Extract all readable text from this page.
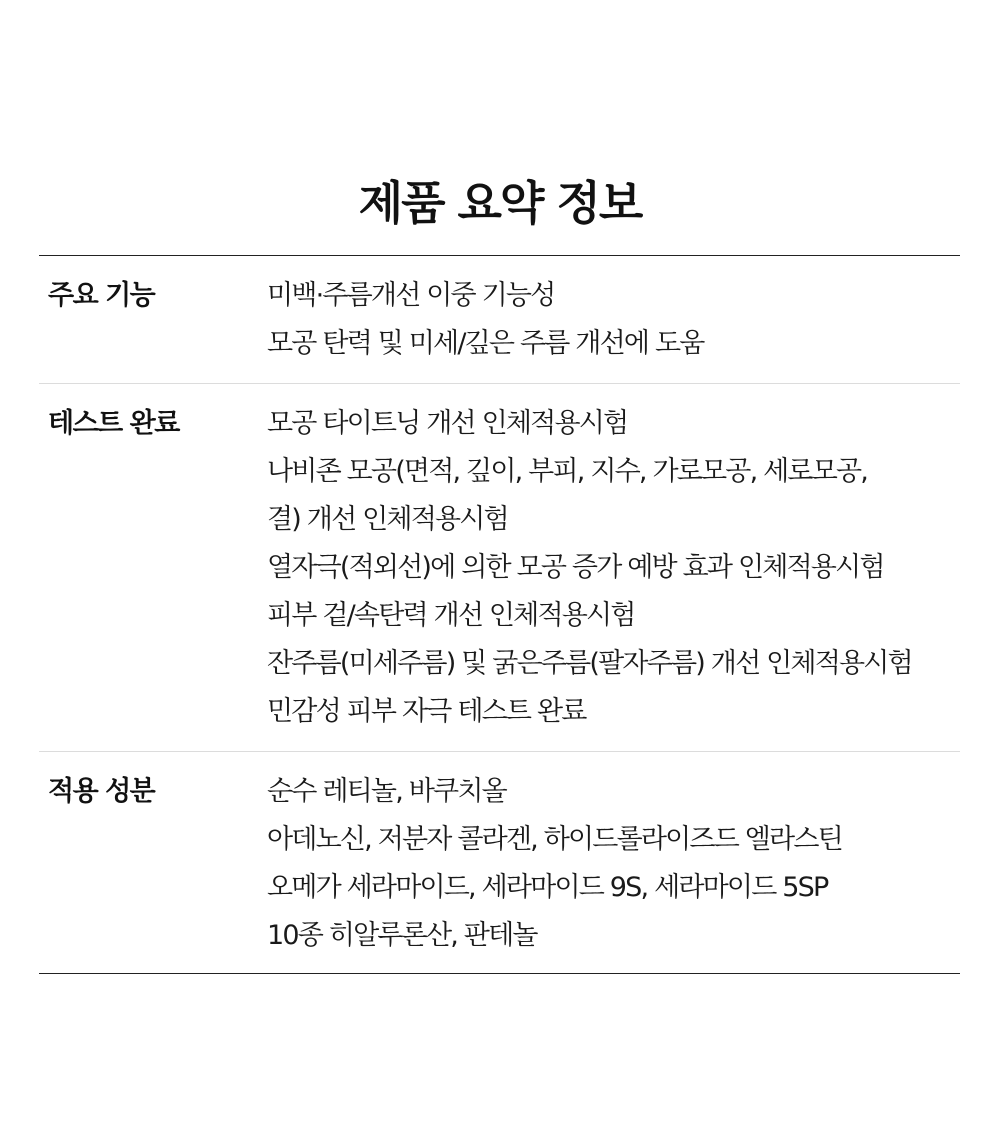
제품 요약 정보
주요 기능	미백·주름개선 이중 기능성
모공 탄력 및 미세/깊은 주름 개선에 도움
테스트 완료	모공 타이트닝 개선 인체적용시험
나비존 모공(면적, 깊이, 부피, 지수, 가로모공, 세로모공,
결) 개선 인체적용시험
열자극(적외선)에 의한 모공 증가 예방 효과 인체적용시험
피부 겉/속탄력 개선 인체적용시험
잔주름(미세주름) 및 굵은주름(팔자주름) 개선 인체적용시험
민감성 피부 자극 테스트 완료
적용 성분	순수 레티놀, 바쿠치올
아데노신, 저분자 콜라겐, 하이드롤라이즈드 엘라스틴
오메가 세라마이드, 세라마이드 9S, 세라마이드 5SP
10종 히알루론산, 판테놀
